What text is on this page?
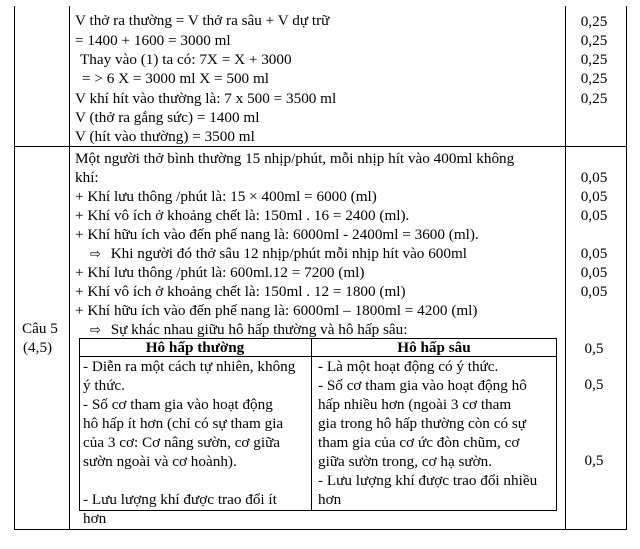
V thở ra thường = V thở ra sâu + V dự trữ
= 1400 + 1600 = 3000 ml
Thay vào (1) ta có: 7X = X + 3000
= > 6 X = 3000 ml X = 500 ml
V khí hít vào thường là: 7 x 500 = 3500 ml
V (thở ra gắng sức) = 1400 ml
V (hít vào thường) = 3500 ml
0,25
0,25
0,25
0,25
0,25
Câu 5
(4,5)
Một người thở bình thường 15 nhịp/phút, mỗi nhịp hít vào 400ml không
khí:
+ Khí lưu thông /phút là: 15 × 400ml = 6000 (ml)
+ Khí vô ích ở khoảng chết là: 150ml . 16 = 2400 (ml).
+ Khí hữu ích vào đến phế nang là: 6000ml - 2400ml = 3600 (ml).
⇨ Khi người đó thở sâu 12 nhịp/phút mỗi nhịp hít vào 600ml
+ Khí lưu thông /phút là: 600ml.12 = 7200 (ml)
+ Khí vô ích ở khoảng chết là: 150ml . 12 = 1800 (ml)
+ Khí hữu ích vào đến phế nang là: 6000ml – 1800ml = 4200 (ml)
⇨ Sự khác nhau giữu hô hấp thường và hô hấp sâu:
0,05
0,05
0,05
0,05
0,05
0,05
0,5
0,5
0,5
Hô hấp thường	Hô hấp sâu
- Diễn ra một cách tự nhiên, không
ý thức.
- Số cơ tham gia vào hoạt động
hô hấp ít hơn (chỉ có sự tham gia
của 3 cơ: Cơ nâng sườn, cơ giữa
sườn ngoài và cơ hoành).
- Lưu lượng khí được trao đổi ít
hơn
- Là một hoạt động có ý thức.
- Số cơ tham gia vào hoạt động hô
hấp nhiều hơn (ngoài 3 cơ tham
gia trong hô hấp thường còn có sự
tham gia của cơ ức đòn chũm, cơ
giữa sườn trong, cơ hạ sườn.
- Lưu lượng khí được trao đổi nhiều
hơn
